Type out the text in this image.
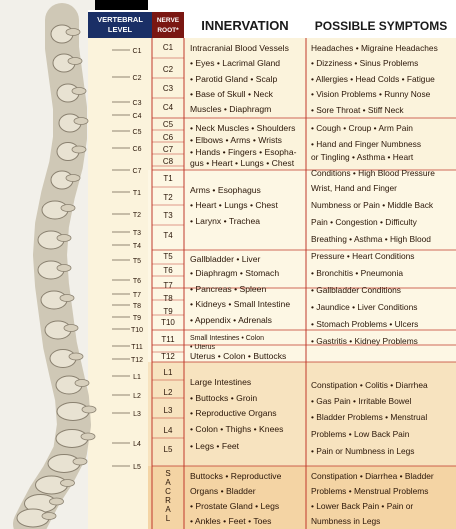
VERTEBRAL
LEVEL
NERVE
ROOT* INNERVATION POSSIBLE SYMPTOMS
C1
C2
C3
C4
C5
C6
C7
T1
T2
T3
T4
T5
T6
T7
T8
T9
T10
T11
T12
L1
L2
L3
L4
L5
C1
C2
C3
C4
C5
C6
C7
C8
T1
T2
T3
T4
T5
T6
T7
T8
T9
T10
T11
T12
L1
L2
L3
L4
L5
S
A
C
R
A
L
Intracranial Blood Vessels
• Eyes • Lacrimal Gland
• Parotid Gland • Scalp
• Base of Skull • Neck
Muscles • Diaphragm
• Neck Muscles • Shoulders
• Elbows • Arms • Wrists
• Hands • Fingers • Esopha-
gus • Heart • Lungs • Chest
Arms • Esophagus
• Heart • Lungs • Chest
• Larynx • Trachea
Gallbladder • Liver
• Diaphragm • Stomach
• Pancreas • Spleen
• Kidneys • Small Intestine
• Appendix • Adrenals
Small Intestines • Colon
• Uterus
Uterus • Colon • Buttocks
Large Intestines
• Buttocks • Groin
• Reproductive Organs
• Colon • Thighs • Knees
• Legs • Feet
Buttocks • Reproductive
Organs • Bladder
• Prostate Gland • Legs
• Ankles • Feet • Toes
Headaches • Migraine Headaches
• Dizziness • Sinus Problems
• Allergies • Head Colds • Fatigue
• Vision Problems • Runny Nose
• Sore Throat • Stiff Neck
• Cough • Croup • Arm Pain
• Hand and Finger Numbness
or Tingling • Asthma • Heart
Conditions • High Blood Pressure
Wrist, Hand and Finger
Numbness or Pain • Middle Back
Pain • Congestion • Difficulty
Breathing • Asthma • High Blood
Pressure • Heart Conditions
• Bronchitis • Pneumonia
• Gallbladder Conditions
• Jaundice • Liver Conditions
• Stomach Problems • Ulcers
• Gastritis • Kidney Problems
Constipation • Colitis • Diarrhea
• Gas Pain • Irritable Bowel
• Bladder Problems • Menstrual
Problems • Low Back Pain
• Pain or Numbness in Legs
Constipation • Diarrhea • Bladder
Problems • Menstrual Problems
• Lower Back Pain • Pain or
Numbness in Legs
